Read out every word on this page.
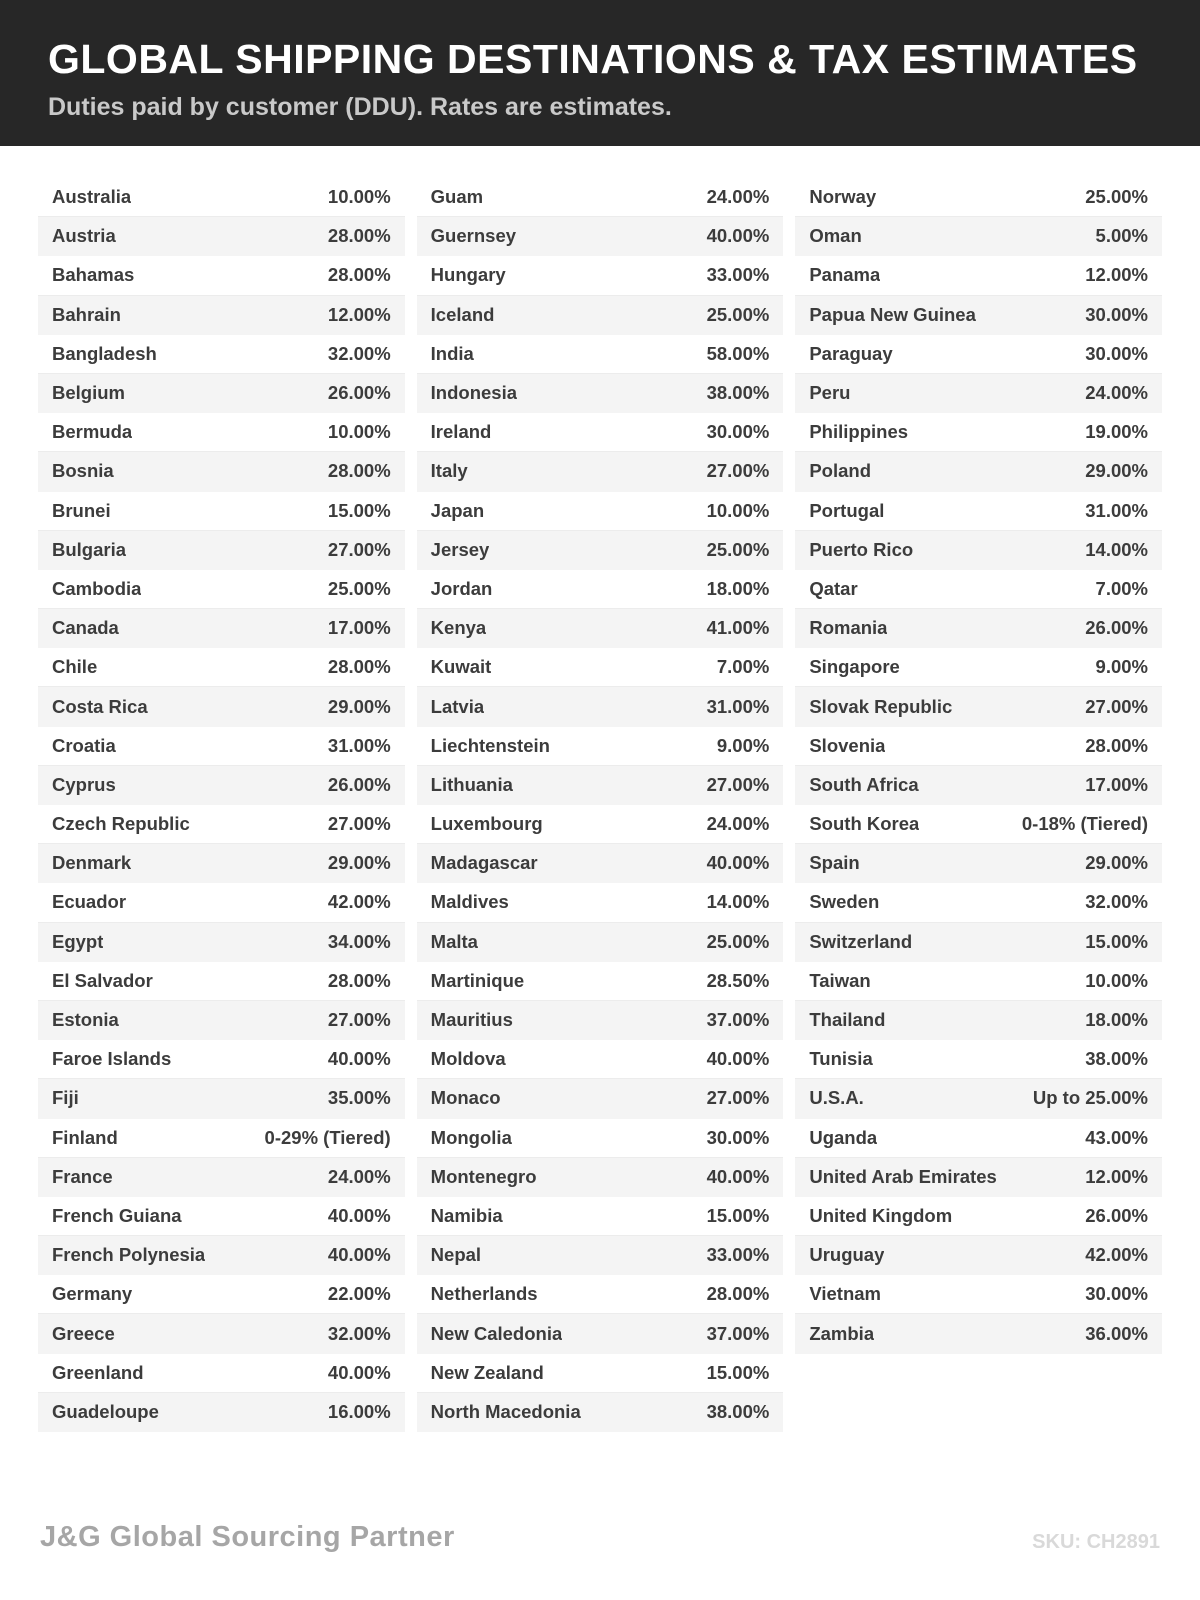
GLOBAL SHIPPING DESTINATIONS & TAX ESTIMATES
Duties paid by customer (DDU). Rates are estimates.
Australia	10.00%
Austria	28.00%
Bahamas	28.00%
Bahrain	12.00%
Bangladesh	32.00%
Belgium	26.00%
Bermuda	10.00%
Bosnia	28.00%
Brunei	15.00%
Bulgaria	27.00%
Cambodia	25.00%
Canada	17.00%
Chile	28.00%
Costa Rica	29.00%
Croatia	31.00%
Cyprus	26.00%
Czech Republic	27.00%
Denmark	29.00%
Ecuador	42.00%
Egypt	34.00%
El Salvador	28.00%
Estonia	27.00%
Faroe Islands	40.00%
Fiji	35.00%
Finland	0-29% (Tiered)
France	24.00%
French Guiana	40.00%
French Polynesia	40.00%
Germany	22.00%
Greece	32.00%
Greenland	40.00%
Guadeloupe	16.00%
Guam	24.00%
Guernsey	40.00%
Hungary	33.00%
Iceland	25.00%
India	58.00%
Indonesia	38.00%
Ireland	30.00%
Italy	27.00%
Japan	10.00%
Jersey	25.00%
Jordan	18.00%
Kenya	41.00%
Kuwait	7.00%
Latvia	31.00%
Liechtenstein	9.00%
Lithuania	27.00%
Luxembourg	24.00%
Madagascar	40.00%
Maldives	14.00%
Malta	25.00%
Martinique	28.50%
Mauritius	37.00%
Moldova	40.00%
Monaco	27.00%
Mongolia	30.00%
Montenegro	40.00%
Namibia	15.00%
Nepal	33.00%
Netherlands	28.00%
New Caledonia	37.00%
New Zealand	15.00%
North Macedonia	38.00%
Norway	25.00%
Oman	5.00%
Panama	12.00%
Papua New Guinea	30.00%
Paraguay	30.00%
Peru	24.00%
Philippines	19.00%
Poland	29.00%
Portugal	31.00%
Puerto Rico	14.00%
Qatar	7.00%
Romania	26.00%
Singapore	9.00%
Slovak Republic	27.00%
Slovenia	28.00%
South Africa	17.00%
South Korea	0-18% (Tiered)
Spain	29.00%
Sweden	32.00%
Switzerland	15.00%
Taiwan	10.00%
Thailand	18.00%
Tunisia	38.00%
U.S.A.	Up to 25.00%
Uganda	43.00%
United Arab Emirates	12.00%
United Kingdom	26.00%
Uruguay	42.00%
Vietnam	30.00%
Zambia	36.00%
J&G Global Sourcing Partner	SKU: CH2891
